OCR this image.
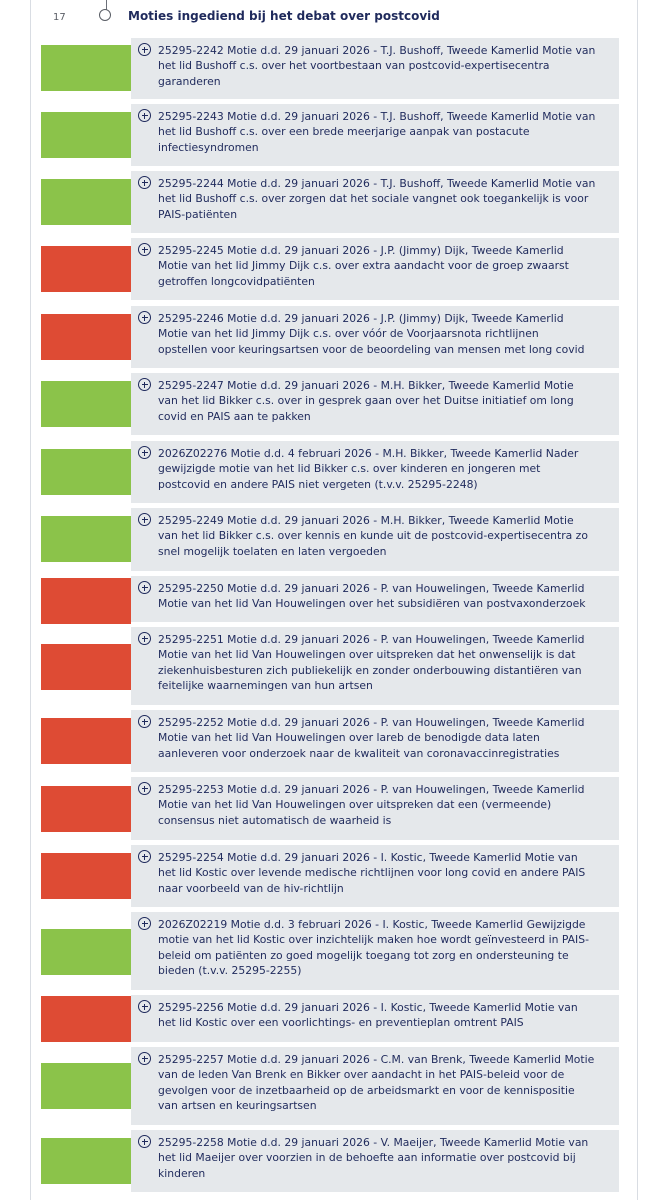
17	Moties ingediend bij het debat over postcovid
25295-2242 Motie d.d. 29 januari 2026 - T.J. Bushoff, Tweede Kamerlid Motie van
het lid Bushoff c.s. over het voortbestaan van postcovid-expertisecentra
garanderen
25295-2243 Motie d.d. 29 januari 2026 - T.J. Bushoff, Tweede Kamerlid Motie van
het lid Bushoff c.s. over een brede meerjarige aanpak van postacute
infectiesyndromen
25295-2244 Motie d.d. 29 januari 2026 - T.J. Bushoff, Tweede Kamerlid Motie van
het lid Bushoff c.s. over zorgen dat het sociale vangnet ook toegankelijk is voor
PAIS-patiënten
25295-2245 Motie d.d. 29 januari 2026 - J.P. (Jimmy) Dijk, Tweede Kamerlid
Motie van het lid Jimmy Dijk c.s. over extra aandacht voor de groep zwaarst
getroffen longcovidpatiënten
25295-2246 Motie d.d. 29 januari 2026 - J.P. (Jimmy) Dijk, Tweede Kamerlid
Motie van het lid Jimmy Dijk c.s. over vóór de Voorjaarsnota richtlijnen
opstellen voor keuringsartsen voor de beoordeling van mensen met long covid
25295-2247 Motie d.d. 29 januari 2026 - M.H. Bikker, Tweede Kamerlid Motie
van het lid Bikker c.s. over in gesprek gaan over het Duitse initiatief om long
covid en PAIS aan te pakken
2026Z02276 Motie d.d. 4 februari 2026 - M.H. Bikker, Tweede Kamerlid Nader
gewijzigde motie van het lid Bikker c.s. over kinderen en jongeren met
postcovid en andere PAIS niet vergeten (t.v.v. 25295-2248)
25295-2249 Motie d.d. 29 januari 2026 - M.H. Bikker, Tweede Kamerlid Motie
van het lid Bikker c.s. over kennis en kunde uit de postcovid-expertisecentra zo
snel mogelijk toelaten en laten vergoeden
25295-2250 Motie d.d. 29 januari 2026 - P. van Houwelingen, Tweede Kamerlid
Motie van het lid Van Houwelingen over het subsidiëren van postvaxonderzoek
25295-2251 Motie d.d. 29 januari 2026 - P. van Houwelingen, Tweede Kamerlid
Motie van het lid Van Houwelingen over uitspreken dat het onwenselijk is dat
ziekenhuisbesturen zich publiekelijk en zonder onderbouwing distantiëren van
feitelijke waarnemingen van hun artsen
25295-2252 Motie d.d. 29 januari 2026 - P. van Houwelingen, Tweede Kamerlid
Motie van het lid Van Houwelingen over lareb de benodigde data laten
aanleveren voor onderzoek naar de kwaliteit van coronavaccinregistraties
25295-2253 Motie d.d. 29 januari 2026 - P. van Houwelingen, Tweede Kamerlid
Motie van het lid Van Houwelingen over uitspreken dat een (vermeende)
consensus niet automatisch de waarheid is
25295-2254 Motie d.d. 29 januari 2026 - I. Kostic, Tweede Kamerlid Motie van
het lid Kostic over levende medische richtlijnen voor long covid en andere PAIS
naar voorbeeld van de hiv-richtlijn
2026Z02219 Motie d.d. 3 februari 2026 - I. Kostic, Tweede Kamerlid Gewijzigde
motie van het lid Kostic over inzichtelijk maken hoe wordt geïnvesteerd in PAIS-
beleid om patiënten zo goed mogelijk toegang tot zorg en ondersteuning te
bieden (t.v.v. 25295-2255)
25295-2256 Motie d.d. 29 januari 2026 - I. Kostic, Tweede Kamerlid Motie van
het lid Kostic over een voorlichtings- en preventieplan omtrent PAIS
25295-2257 Motie d.d. 29 januari 2026 - C.M. van Brenk, Tweede Kamerlid Motie
van de leden Van Brenk en Bikker over aandacht in het PAIS-beleid voor de
gevolgen voor de inzetbaarheid op de arbeidsmarkt en voor de kennispositie
van artsen en keuringsartsen
25295-2258 Motie d.d. 29 januari 2026 - V. Maeijer, Tweede Kamerlid Motie van
het lid Maeijer over voorzien in de behoefte aan informatie over postcovid bij
kinderen
